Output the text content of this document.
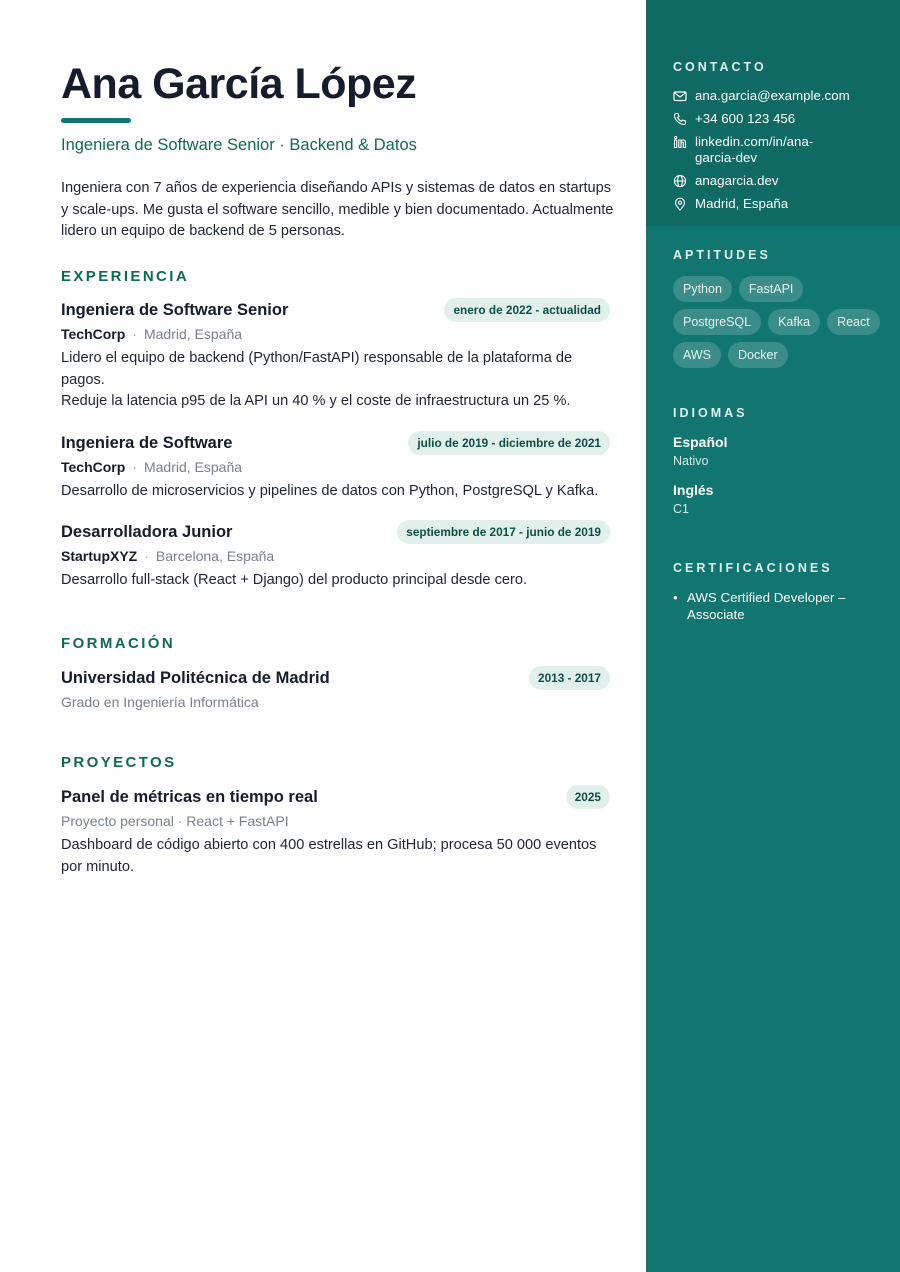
Ana García López
Ingeniera de Software Senior · Backend & Datos
Ingeniera con 7 años de experiencia diseñando APIs y sistemas de datos en startups y scale-ups. Me gusta el software sencillo, medible y bien documentado. Actualmente lidero un equipo de backend de 5 personas.
EXPERIENCIA
Ingeniera de Software Senior	enero de 2022 - actualidad
TechCorp · Madrid, España
Lidero el equipo de backend (Python/FastAPI) responsable de la plataforma de pagos.
Reduje la latencia p95 de la API un 40 % y el coste de infraestructura un 25 %.
Ingeniera de Software	julio de 2019 - diciembre de 2021
TechCorp · Madrid, España
Desarrollo de microservicios y pipelines de datos con Python, PostgreSQL y Kafka.
Desarrolladora Junior	septiembre de 2017 - junio de 2019
StartupXYZ · Barcelona, España
Desarrollo full-stack (React + Django) del producto principal desde cero.
FORMACIÓN
Universidad Politécnica de Madrid	2013 - 2017
Grado en Ingeniería Informática
PROYECTOS
Panel de métricas en tiempo real	2025
Proyecto personal · React + FastAPI
Dashboard de código abierto con 400 estrellas en GitHub; procesa 50 000 eventos por minuto.
CONTACTO
ana.garcia@example.com
+34 600 123 456
linkedin.com/in/ana-
garcia-dev
anagarcia.dev
Madrid, España
APTITUDES
Python	FastAPI
PostgreSQL	Kafka	React
AWS	Docker
IDIOMAS
Español
Nativo
Inglés
C1
CERTIFICACIONES
• AWS Certified Developer – Associate
